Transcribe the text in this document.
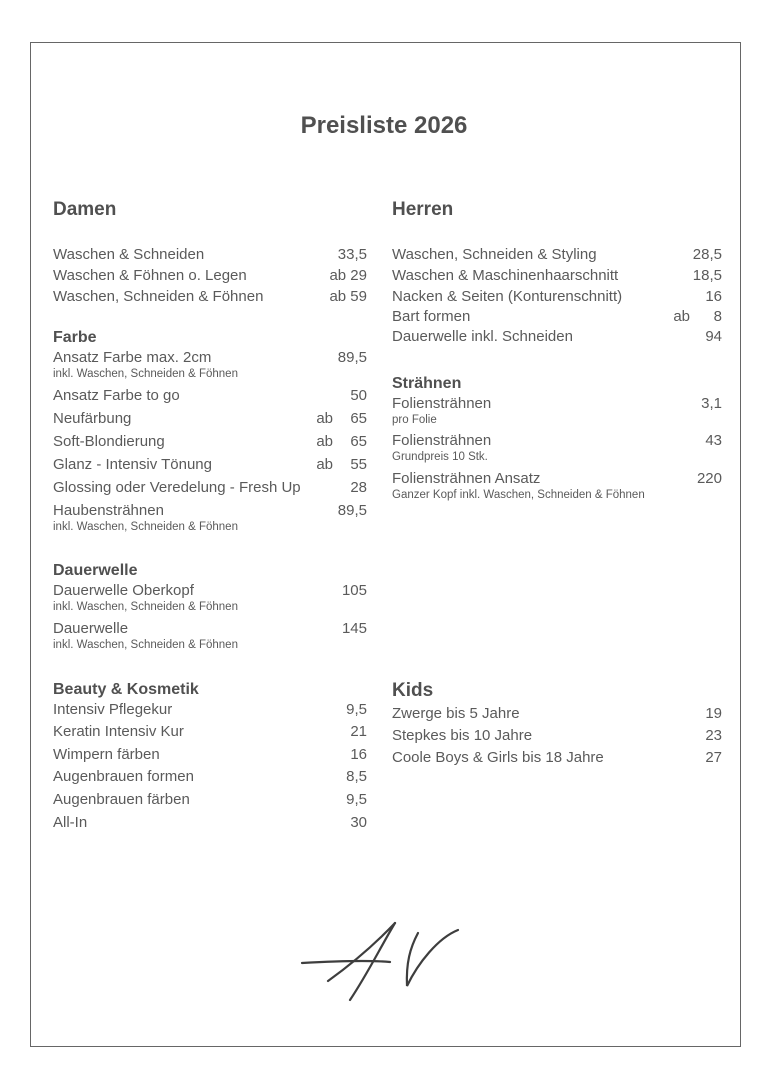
Preisliste 2026
Damen
Waschen & Schneiden	33,5
Waschen & Föhnen o. Legen	ab 29
Waschen, Schneiden & Föhnen	ab 59
Farbe
Ansatz Farbe max. 2cm	89,5
inkl. Waschen, Schneiden & Föhnen
Ansatz Farbe to go	50
Neufärbung	ab 65
Soft-Blondierung	ab 65
Glanz - Intensiv Tönung	ab 55
Glossing oder Veredelung - Fresh Up	28
Haubensträhnen	89,5
inkl. Waschen, Schneiden & Föhnen
Dauerwelle
Dauerwelle Oberkopf	105
inkl. Waschen, Schneiden & Föhnen
Dauerwelle	145
inkl. Waschen, Schneiden & Föhnen
Beauty & Kosmetik
Intensiv Pflegekur	9,5
Keratin Intensiv Kur	21
Wimpern färben	16
Augenbrauen formen	8,5
Augenbrauen färben	9,5
All-In	30
Herren
Waschen, Schneiden & Styling	28,5
Waschen & Maschinenhaarschnitt	18,5
Nacken & Seiten (Konturenschnitt)	16
Bart formen	ab 8
Dauerwelle inkl. Schneiden	94
Strähnen
Foliensträhnen	3,1
pro Folie
Foliensträhnen	43
Grundpreis 10 Stk.
Foliensträhnen Ansatz	220
Ganzer Kopf inkl. Waschen, Schneiden & Föhnen
Kids
Zwerge bis 5 Jahre	19
Stepkes bis 10 Jahre	23
Coole Boys & Girls bis 18 Jahre	27
